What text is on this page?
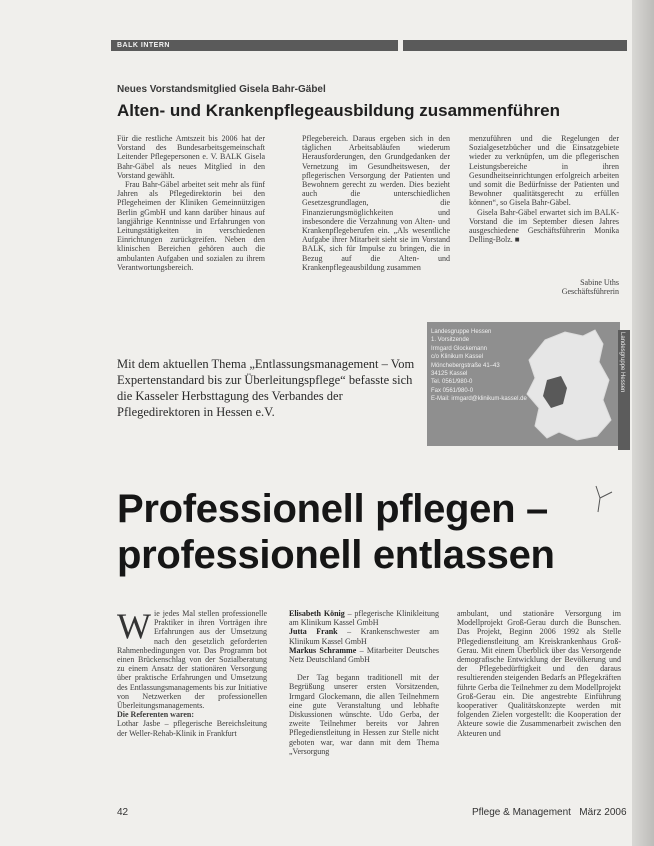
BALK INTERN
Neues Vorstandsmitglied Gisela Bahr-Gäbel
Alten- und Krankenpflegeausbildung zusammenführen

Für die restliche Amtszeit bis 2006 hat der Vorstand des Bundesarbeitsgemeinschaft Leitender Pflegepersonen e. V. BALK Gisela Bahr-Gäbel als neues Mitglied in den Vorstand gewählt.

Frau Bahr-Gäbel arbeitet seit mehr als fünf Jahren als Pflegedirektorin bei den Pflegeheimen der Kliniken Gemeinnützigen Berlin gGmbH und kann darüber hinaus auf langjährige Kenntnisse und Erfahrungen von Leitungstätigkeiten in verschiedenen Einrichtungen zurückgreifen. Neben den klinischen Bereichen gehören auch die ambulanten Aufgaben und sozialen zu ihrem Verantwortungsbereich.

Pflegebereich. Daraus ergeben sich in den täglichen Arbeitsabläufen wiederum Herausforderungen, den Grundgedanken der Vernetzung im Gesundheitswesen, der pflegerischen Versorgung der Patienten und Bewohnern gerecht zu werden. Dies bezieht auch die unterschiedlichen Gesetzesgrundlagen, die Finanzierungsmöglichkeiten und insbesondere die Verzahnung von Alten- und Krankenpflegeberufen ein. „Als wesentliche Aufgabe ihrer Mitarbeit sieht sie im Vorstand BALK, sich für Impulse zu bringen, die in Bezug auf die Alten- und Krankenpflegeausbildung zusammen

menzuführen und die Regelungen der Sozialgesetzbücher und die Einsatzgebiete wieder zu verknüpfen, um die pflegerischen Leistungsbereiche in ihren Gesundheitseinrichtungen erfolgreich arbeiten und somit die Bedürfnisse der Patienten und Bewohner qualitätsgerecht zu erfüllen können“, so Gisela Bahr-Gäbel.

Gisela Bahr-Gäbel erwartet sich im BALK-Vorstand die im September diesen Jahres ausgeschiedene Geschäftsführerin Monika Delling-Bolz. ■

Sabine Uths
Geschäftsführerin
Landesgruppe Hessen
1. Vorsitzende
Irmgard Glockemann
c/o Klinikum Kassel
Mönchebergstraße 41–43
34125 Kassel
Tel. 0561/980-0
Fax 0561/980-0
E-Mail: irmgard@klinikum-kassel.de
Landesgruppe Hessen
Mit dem aktuellen Thema „Entlassungsmanagement – Vom Expertenstandard bis zur Überleitungspflege“ befasste sich die Kasseler Herbsttagung des Verbandes der Pflegedirektoren in Hessen e.V.
Professionell pflegen –
professionell entlassen
W ie jedes Mal stellen professionelle Praktiker in ihren Vorträgen ihre Erfahrungen aus der Umsetzung nach den gesetzlich geforderten Rahmenbedingungen vor. Das Programm bot einen Brückenschlag von der Sozialberatung zu einem Ansatz der stationären Versorgung über praktische Erfahrungen und Umsetzung des Entlassungsmanagements bis zur Initiative von Netzwerken der professionellen Überleitungsmanagements.
Die Referenten waren:
Lothar Jasbe – pflegerische Bereichsleitung der Weller-Rehab-Klinik in Frankfurt
Elisabeth König – pflegerische Klinikleitung am Klinikum Kassel GmbH
Jutta Frank – Krankenschwester am Klinikum Kassel GmbH
Markus Schramme – Mitarbeiter Deutsches Netz Deutschland GmbH

Der Tag begann traditionell mit der Begrüßung unserer ersten Vorsitzenden, Irmgard Glockemann, die allen Teilnehmern eine gute Veranstaltung und lebhafte Diskussionen wünschte. Udo Gerba, der zweite Teilnehmer bereits vor Jahren Pflegedienstleitung in Hessen zur Stelle nicht geboten war, war dann mit dem Thema „Versorgung

ambulant, und stationäre Versorgung im Modellprojekt Groß-Gerau durch die Bunschen. Das Projekt, Beginn 2006 1992 als Stelle Pflegedienstleitung am Kreiskrankenhaus Groß-Gerau. Mit einem Überblick über das Versorgende demografische Entwicklung der Bevölkerung und der Pflegebedürftigkeit und den daraus resultierenden steigenden Bedarfs an Pflegekräften führte Gerba die Teilnehmer zu dem Modellprojekt Groß-Gerau ein. Die angestrebte Einführung kooperativer Qualitätskonzepte werden mit folgenden Zielen vorgestellt: die Kooperation der Akteure sowie die Zusammenarbeit zwischen den Akteuren und

42	Pflege & Management März 2006
